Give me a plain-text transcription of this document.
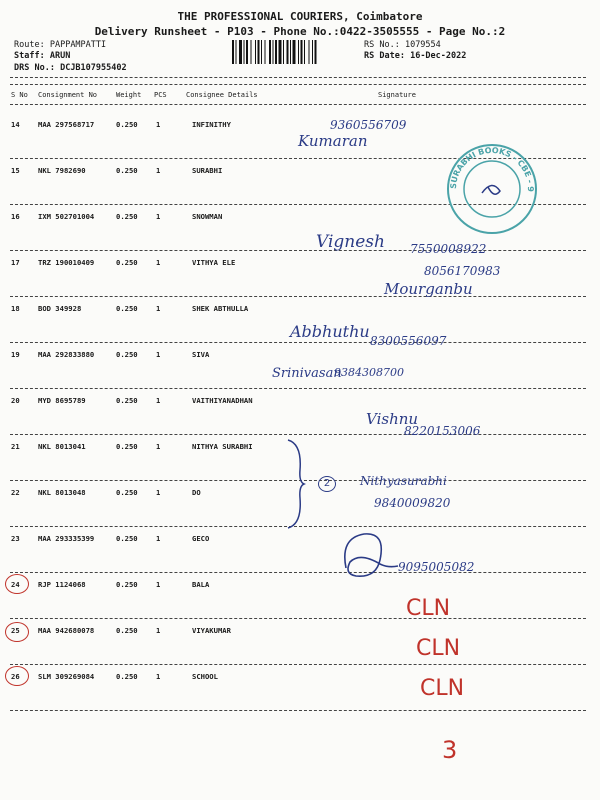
THE PROFESSIONAL COURIERS, Coimbatore
Delivery Runsheet - P103 - Phone No.:0422-3505555 - Page No.:2
Route: PAPPAMPATTI
Staff: ARUN
DRS No.: DCJB107955402
RS No.: 1079554
RS Date: 16-Dec-2022
S No Consignment No	Weight PCS	Consignee Details	Signature
14	MAA 297568717	0.250	1	INFINITHY
15	NKL 7982690	0.250	1	SURABHI
16	IXM 502701004	0.250	1	SNOWMAN
17	TRZ 190010409	0.250	1	VITHYA ELE
18	BOD 349928	0.250	1	SHEK ABTHULLA
19	MAA 292833880	0.250	1	SIVA
20	MYD 8695789	0.250	1	VAITHIYANADHAN
21	NKL 8013041	0.250	1	NITHYA SURABHI
22	NKL 8013048	0.250	1	DO
23	MAA 293335399	0.250	1	GECO
24	RJP 1124068	0.250	1	BALA
25	MAA 942680078	0.250	1	VIYAKUMAR
26	SLM 309269084	0.250	1	SCHOOL
SURABHI BOOKS - CBE - 9
9360556709
Kumaran
Vignesh 7550008922
8056170983
Mourganbu
Abbhuthu 8300556097
Srinivasan
9384308700
Vishnu
8220153006
2	Nithyasurabhi
9840009820
9095005082
CLN
CLN
CLN
3
